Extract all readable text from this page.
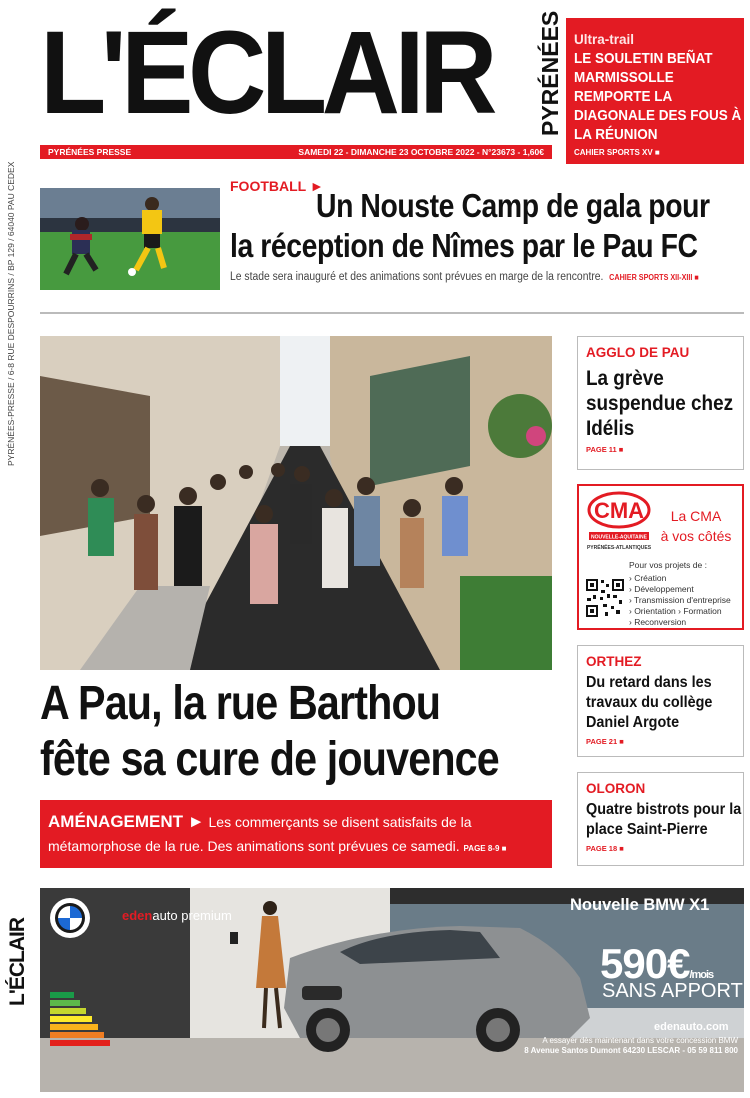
L'ÉCLAIR	PYRÉNÉES
PYRÉNÉES PRESSE	SAMEDI 22 - DIMANCHE 23 OCTOBRE 2022 - N°23673 - 1,60€
Ultra-trail
LE SOULETIN BEÑAT MARMISSOLLE REMPORTE LA DIAGONALE DES FOUS À LA RÉUNION
CAHIER SPORTS XV ■
PYRÉNÉES-PRESSE / 6-8 RUE DESPOURRINS / BP 129 / 64040 PAU CEDEX	FOOTBALL ►
Un Nouste Camp de gala pour
la réception de Nîmes par le Pau FC
Le stade sera inauguré et des animations sont prévues en marge de la rencontre. CAHIER SPORTS XII-XIII ■
A Pau, la rue Barthou
fête sa cure de jouvence
AMÉNAGEMENT ► Les commerçants se disent satisfaits de la métamorphose de la rue. Des animations sont prévues ce samedi. PAGE 8-9 ■
AGGLO DE PAU
La grève suspendue chez Idélis
PAGE 11 ■
CMA
NOUVELLE-AQUITAINE
PYRÉNÉES-ATLANTIQUES
La CMA
à vos côtés
Pour vos projets de :
› Création
› Développement
› Transmission d'entreprise
› Orientation › Formation
› Reconversion
ORTHEZ
Du retard dans les travaux du collège Daniel Argote
PAGE 21 ■
OLORON
Quatre bistrots pour la place Saint-Pierre
PAGE 18 ■
L'ÉCLAIR
edenauto premium
Nouvelle BMW X1
590€/mois
SANS APPORT
edenauto.com
A essayer dès maintenant dans votre concession BMW
8 Avenue Santos Dumont 64230 LESCAR - 05 59 811 800
